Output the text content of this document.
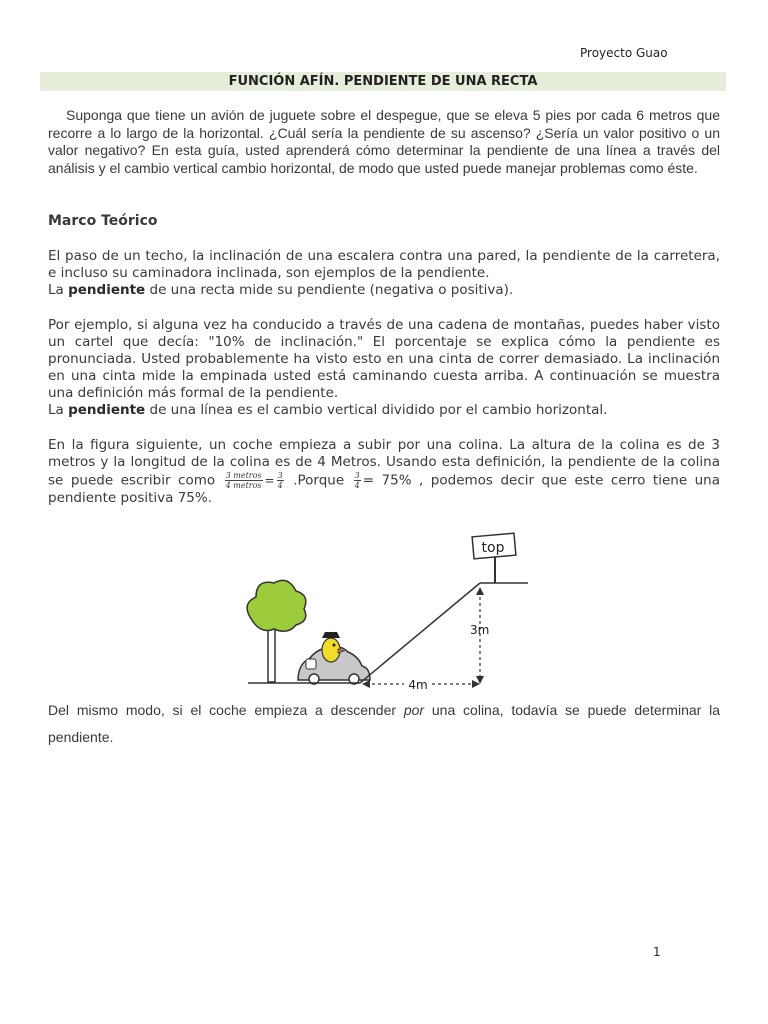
Proyecto Guao
FUNCIÓN AFÍN. PENDIENTE DE UNA RECTA
Suponga que tiene un avión de juguete sobre el despegue, que se eleva 5 pies por cada 6 metros que recorre a lo largo de la horizontal. ¿Cuál sería la pendiente de su ascenso? ¿Sería un valor positivo o un valor negativo? En esta guía, usted aprenderá cómo determinar la pendiente de una línea a través del análisis y el cambio vertical cambio horizontal, de modo que usted puede manejar problemas como éste.
Marco Teórico
El paso de un techo, la inclinación de una escalera contra una pared, la pendiente de la carretera, e incluso su caminadora inclinada, son ejemplos de la pendiente.
La pendiente de una recta mide su pendiente (negativa o positiva).
Por ejemplo, si alguna vez ha conducido a través de una cadena de montañas, puedes haber visto un cartel que decía: "10% de inclinación." El porcentaje se explica cómo la pendiente es pronunciada. Usted probablemente ha visto esto en una cinta de correr demasiado. La inclinación en una cinta mide la empinada usted está caminando cuesta arriba. A continuación se muestra una definición más formal de la pendiente.
La pendiente de una línea es el cambio vertical dividido por el cambio horizontal.
En la figura siguiente, un coche empieza a subir por una colina. La altura de la colina es de 3 metros y la longitud de la colina es de 4 Metros. Usando esta definición, la pendiente de la colina se puede escribir como $\frac{\text{3 metros}}{\text{4 metros}} = \frac{3}{4}$ .Porque $\frac{3}{4} = 75\%$ , podemos decir que este cerro tiene una pendiente positiva 75%.
top
3m
4m
Del mismo modo, si el coche empieza a descender por una colina, todavía se puede determinar la pendiente.
1
